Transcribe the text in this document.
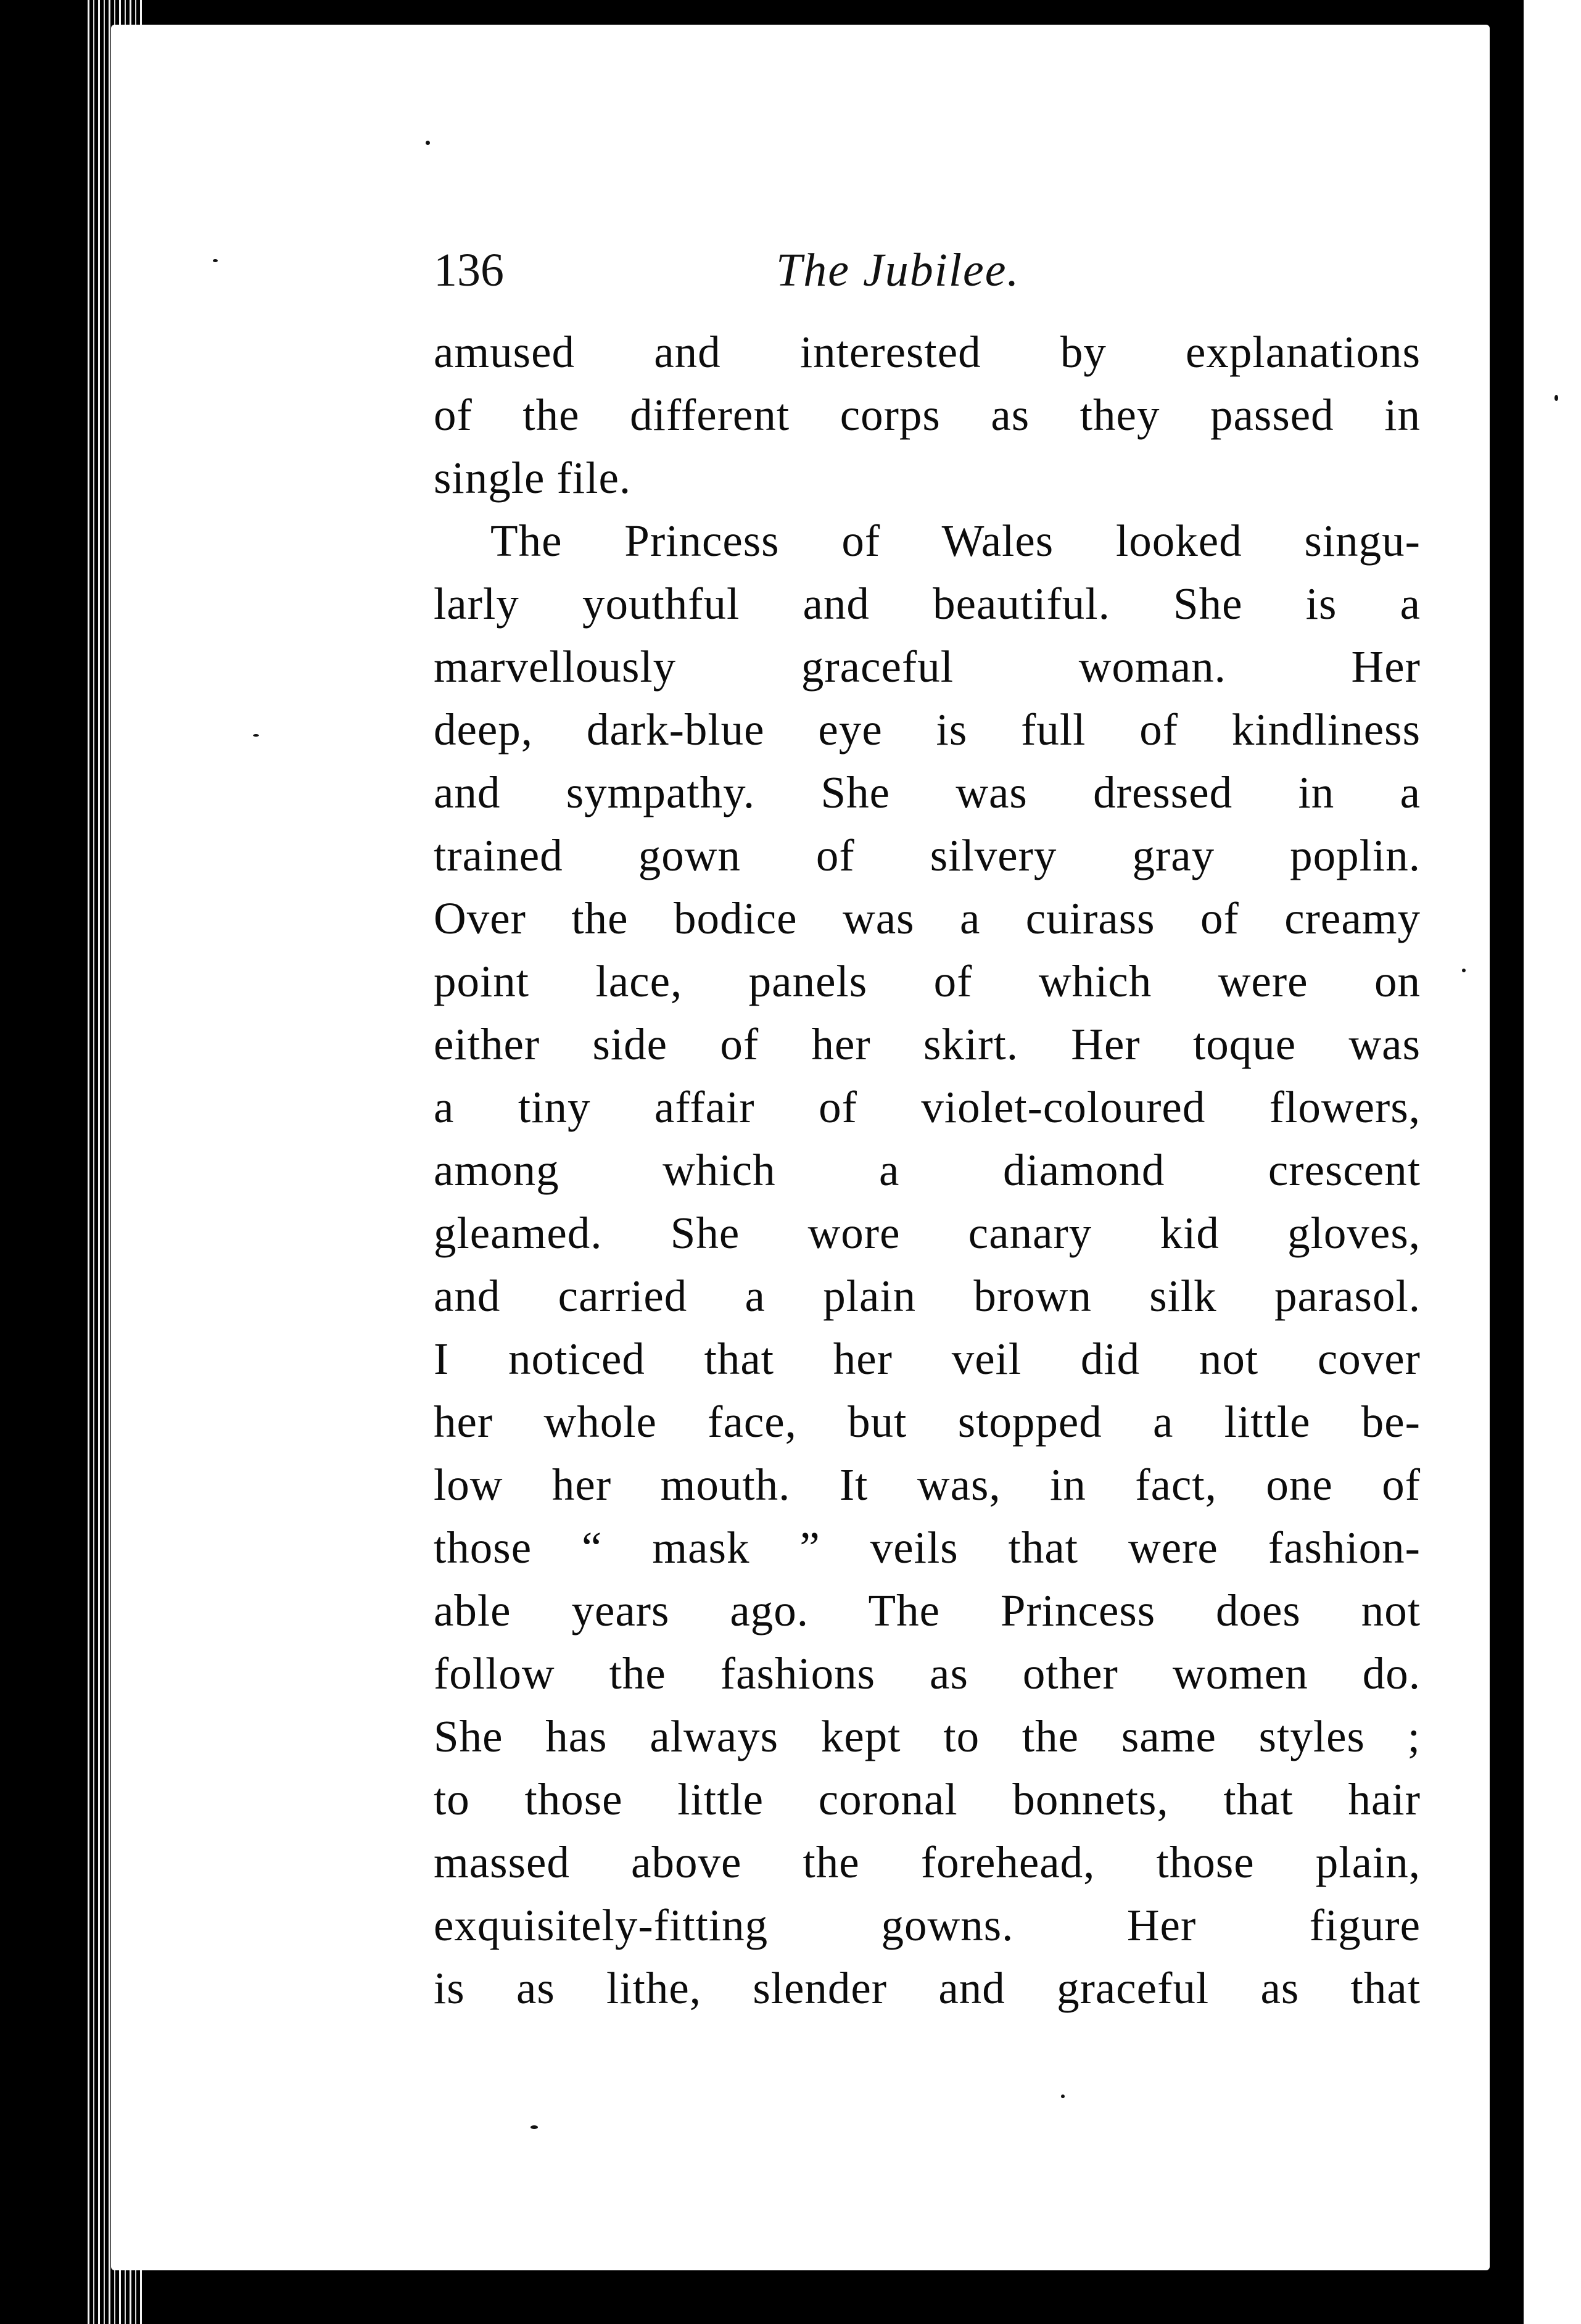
136	The Jubilee.
amused and interested by explanations
of the different corps as they passed in
single file.
The Princess of Wales looked singu-
larly youthful and beautiful. She is a
marvellously graceful woman. Her
deep, dark-blue eye is full of kindliness
and sympathy. She was dressed in a
trained gown of silvery gray poplin.
Over the bodice was a cuirass of creamy
point lace, panels of which were on
either side of her skirt. Her toque was
a tiny affair of violet-coloured flowers,
among which a diamond crescent
gleamed. She wore canary kid gloves,
and carried a plain brown silk parasol.
I noticed that her veil did not cover
her whole face, but stopped a little be-
low her mouth. It was, in fact, one of
those “ mask ” veils that were fashion-
able years ago. The Princess does not
follow the fashions as other women do.
She has always kept to the same styles ;
to those little coronal bonnets, that hair
massed above the forehead, those plain,
exquisitely-fitting gowns. Her figure
is as lithe, slender and graceful as that
